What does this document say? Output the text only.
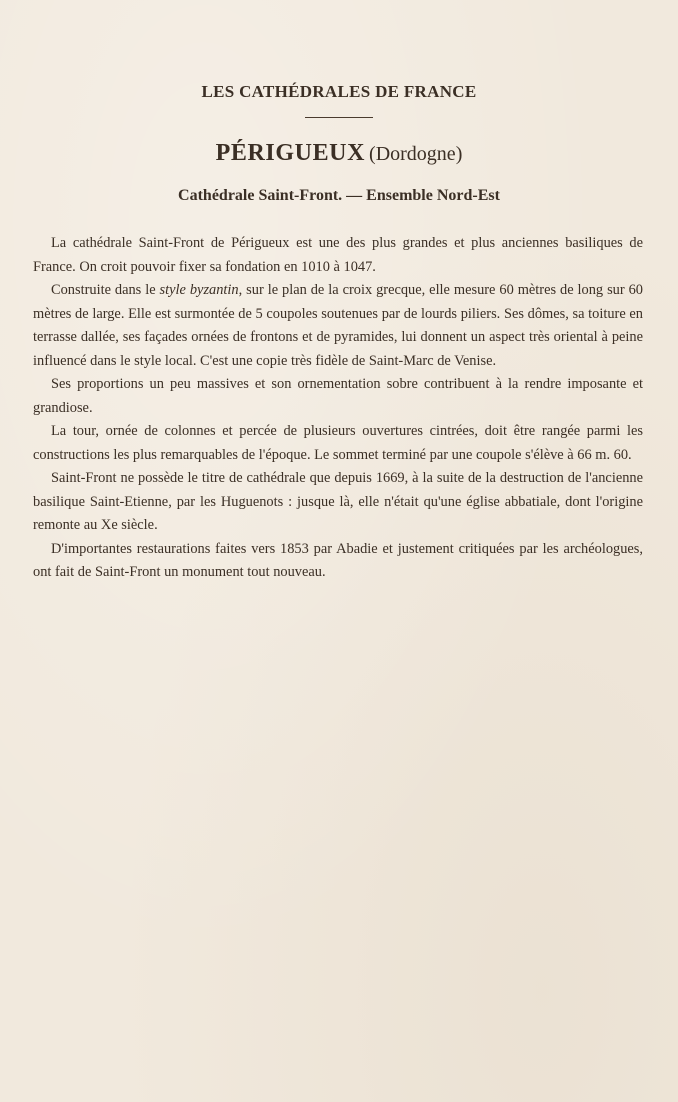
LES CATHÉDRALES DE FRANCE
PÉRIGUEUX (Dordogne)
Cathédrale Saint-Front. — Ensemble Nord-Est

La cathédrale Saint-Front de Périgueux est une des plus grandes et plus anciennes basiliques de France. On croit pouvoir fixer sa fondation en 1010 à 1047.

Construite dans le style byzantin, sur le plan de la croix grecque, elle mesure 60 mètres de long sur 60 mètres de large. Elle est surmontée de 5 coupoles soutenues par de lourds piliers. Ses dômes, sa toiture en terrasse dallée, ses façades ornées de frontons et de pyramides, lui donnent un aspect très oriental à peine influencé dans le style local. C'est une copie très fidèle de Saint-Marc de Venise.

Ses proportions un peu massives et son ornementation sobre contribuent à la rendre imposante et grandiose.

La tour, ornée de colonnes et percée de plusieurs ouvertures cintrées, doit être rangée parmi les constructions les plus remarquables de l'époque. Le sommet terminé par une coupole s'élève à 66 m. 60.

Saint-Front ne possède le titre de cathédrale que depuis 1669, à la suite de la destruction de l'ancienne basilique Saint-Etienne, par les Huguenots : jusque là, elle n'était qu'une église abbatiale, dont l'origine remonte au Xe siècle.

D'importantes restaurations faites vers 1853 par Abadie et justement critiquées par les archéologues, ont fait de Saint-Front un monument tout nouveau.
